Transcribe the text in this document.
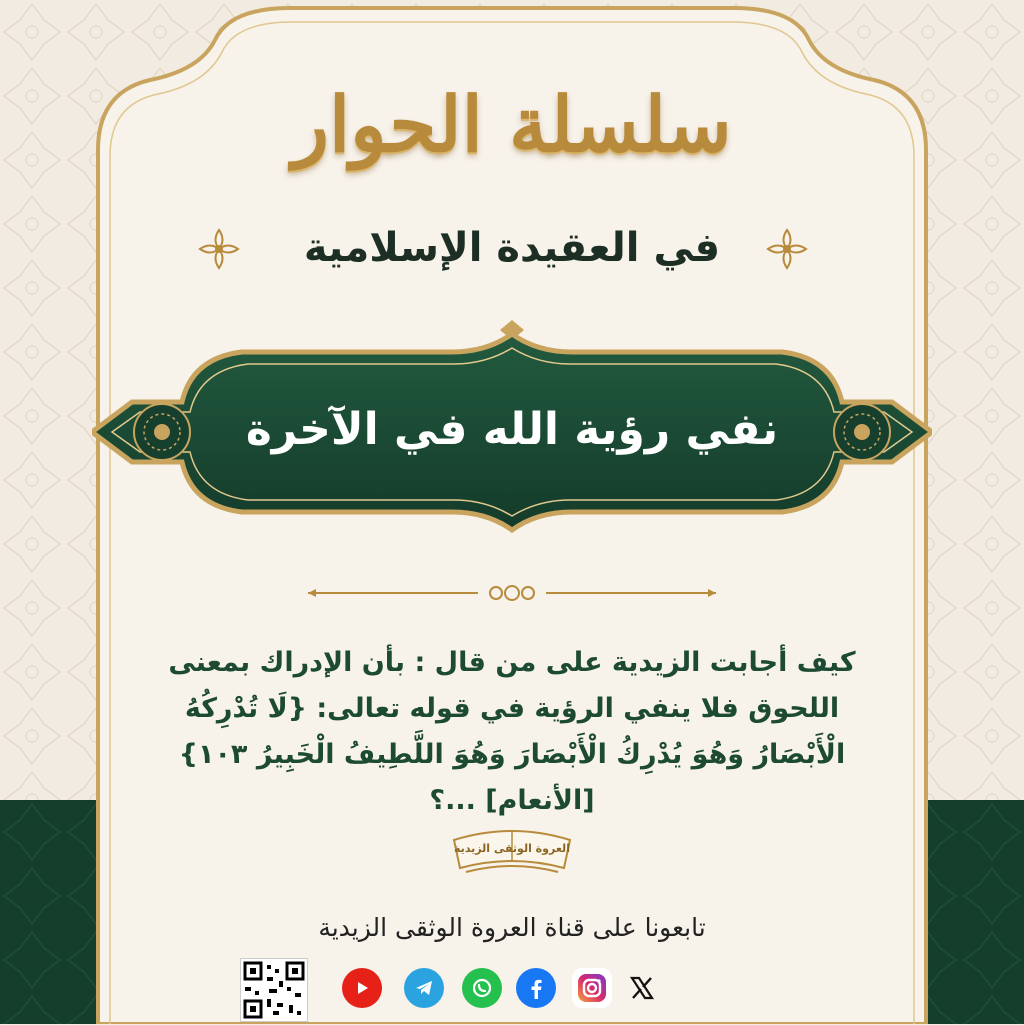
سلسلة الحوار
في العقيدة الإسلامية
نفي رؤية الله في الآخرة
كيف أجابت الزيدية على من قال : بأن الإدراك بمعنى اللحوق فلا ينفي الرؤية في قوله تعالى: {لَا تُدْرِكُهُ الْأَبْصَارُ وَهُوَ يُدْرِكُ الْأَبْصَارَ وَهُوَ اللَّطِيفُ الْخَبِيرُ ١٠٣} [الأنعام] ...؟
العروة الوثقى الزيدية
تابعونا على قناة العروة الوثقى الزيدية
